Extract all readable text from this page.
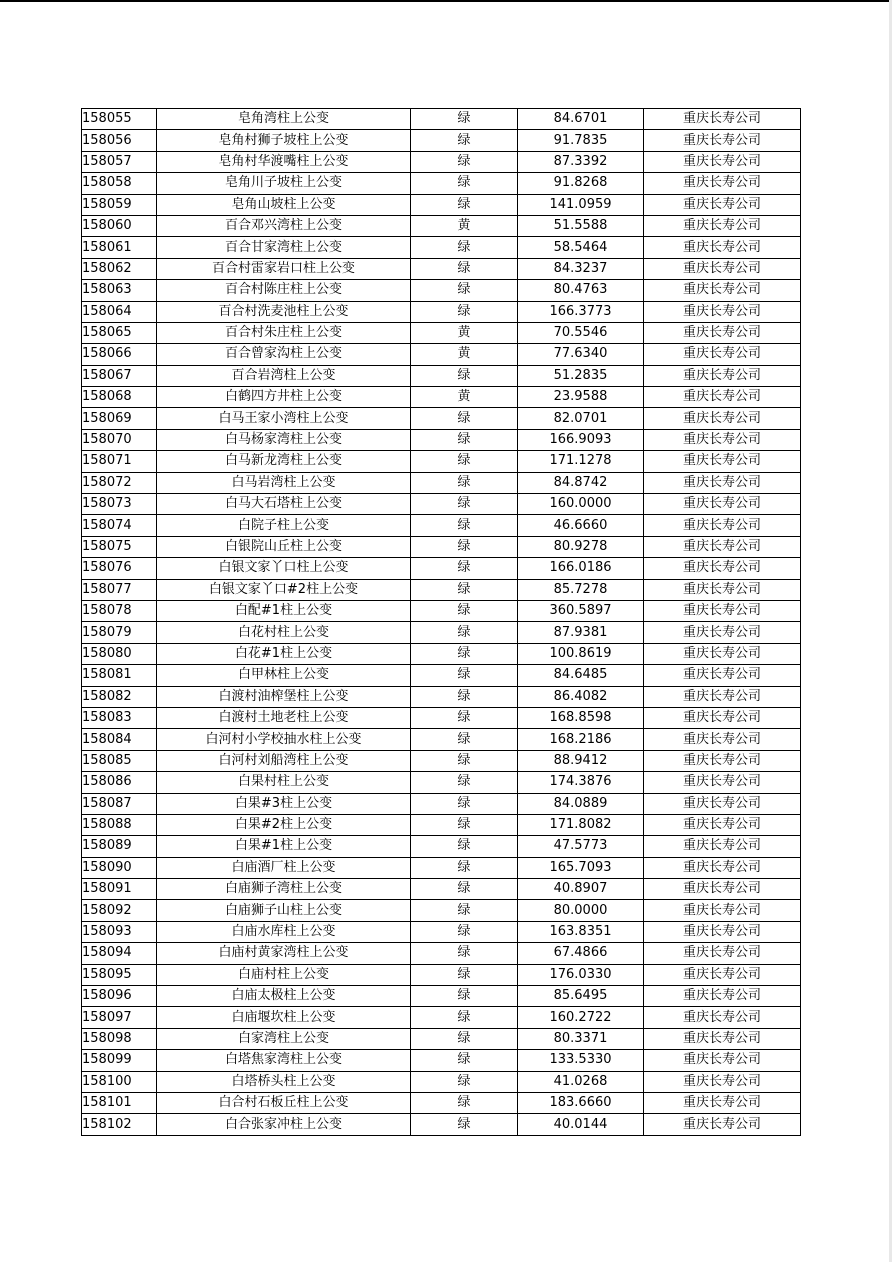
158055	皂角湾柱上公变	绿	84.6701	重庆长寿公司
158056	皂角村狮子坡柱上公变	绿	91.7835	重庆长寿公司
158057	皂角村华渡嘴柱上公变	绿	87.3392	重庆长寿公司
158058	皂角川子坡柱上公变	绿	91.8268	重庆长寿公司
158059	皂角山坡柱上公变	绿	141.0959	重庆长寿公司
158060	百合邓兴湾柱上公变	黄	51.5588	重庆长寿公司
158061	百合甘家湾柱上公变	绿	58.5464	重庆长寿公司
158062	百合村雷家岩口柱上公变	绿	84.3237	重庆长寿公司
158063	百合村陈庄柱上公变	绿	80.4763	重庆长寿公司
158064	百合村洗麦池柱上公变	绿	166.3773	重庆长寿公司
158065	百合村朱庄柱上公变	黄	70.5546	重庆长寿公司
158066	百合曾家沟柱上公变	黄	77.6340	重庆长寿公司
158067	百合岩湾柱上公变	绿	51.2835	重庆长寿公司
158068	白鹤四方井柱上公变	黄	23.9588	重庆长寿公司
158069	白马王家小湾柱上公变	绿	82.0701	重庆长寿公司
158070	白马杨家湾柱上公变	绿	166.9093	重庆长寿公司
158071	白马新龙湾柱上公变	绿	171.1278	重庆长寿公司
158072	白马岩湾柱上公变	绿	84.8742	重庆长寿公司
158073	白马大石塔柱上公变	绿	160.0000	重庆长寿公司
158074	白院子柱上公变	绿	46.6660	重庆长寿公司
158075	白银院山丘柱上公变	绿	80.9278	重庆长寿公司
158076	白银文家丫口柱上公变	绿	166.0186	重庆长寿公司
158077	白银文家丫口#2柱上公变	绿	85.7278	重庆长寿公司
158078	白配#1柱上公变	绿	360.5897	重庆长寿公司
158079	白花村柱上公变	绿	87.9381	重庆长寿公司
158080	白花#1柱上公变	绿	100.8619	重庆长寿公司
158081	白甲林柱上公变	绿	84.6485	重庆长寿公司
158082	白渡村油榨堡柱上公变	绿	86.4082	重庆长寿公司
158083	白渡村土地老柱上公变	绿	168.8598	重庆长寿公司
158084	白河村小学校抽水柱上公变	绿	168.2186	重庆长寿公司
158085	白河村刘船湾柱上公变	绿	88.9412	重庆长寿公司
158086	白果村柱上公变	绿	174.3876	重庆长寿公司
158087	白果#3柱上公变	绿	84.0889	重庆长寿公司
158088	白果#2柱上公变	绿	171.8082	重庆长寿公司
158089	白果#1柱上公变	绿	47.5773	重庆长寿公司
158090	白庙酒厂柱上公变	绿	165.7093	重庆长寿公司
158091	白庙狮子湾柱上公变	绿	40.8907	重庆长寿公司
158092	白庙狮子山柱上公变	绿	80.0000	重庆长寿公司
158093	白庙水库柱上公变	绿	163.8351	重庆长寿公司
158094	白庙村黄家湾柱上公变	绿	67.4866	重庆长寿公司
158095	白庙村柱上公变	绿	176.0330	重庆长寿公司
158096	白庙太极柱上公变	绿	85.6495	重庆长寿公司
158097	白庙堰坎柱上公变	绿	160.2722	重庆长寿公司
158098	白家湾柱上公变	绿	80.3371	重庆长寿公司
158099	白塔焦家湾柱上公变	绿	133.5330	重庆长寿公司
158100	白塔桥头柱上公变	绿	41.0268	重庆长寿公司
158101	白合村石板丘柱上公变	绿	183.6660	重庆长寿公司
158102	白合张家冲柱上公变	绿	40.0144	重庆长寿公司
